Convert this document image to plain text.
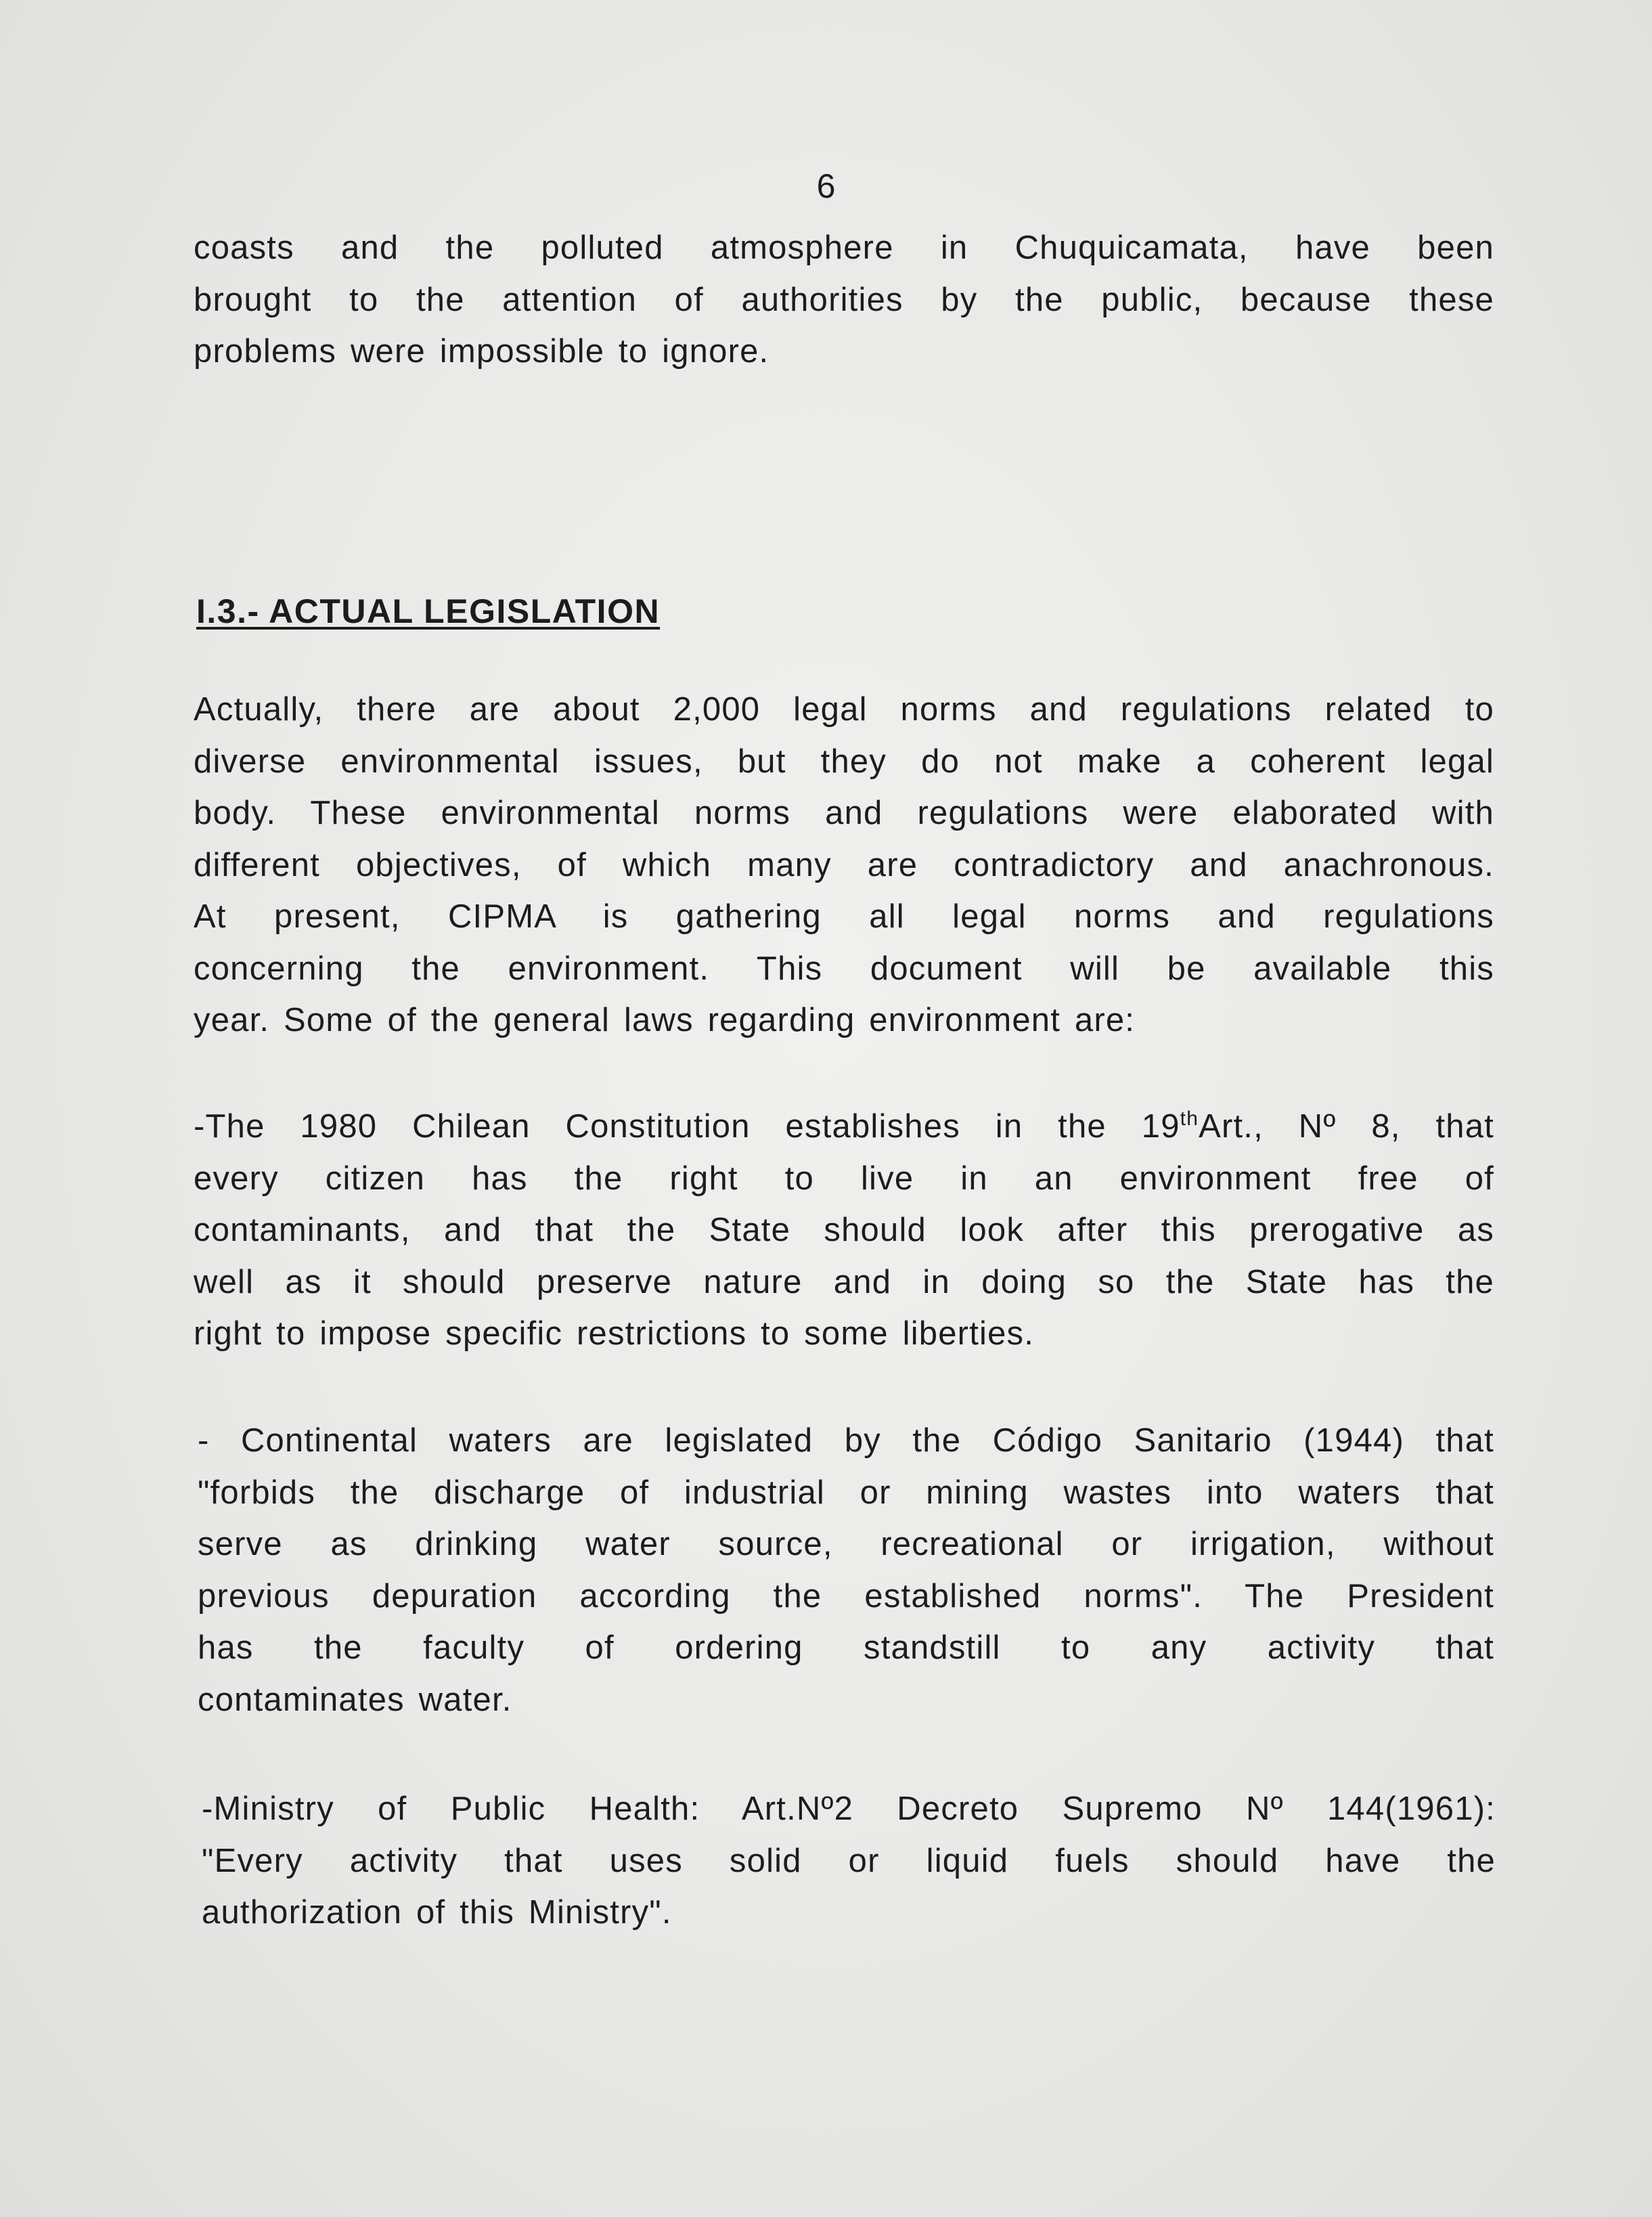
6
coasts and the polluted atmosphere in Chuquicamata, have been
brought to the attention of authorities by the public, because these
problems were impossible to ignore.
I.3.- ACTUAL LEGISLATION
Actually, there are about 2,000 legal norms and regulations related to
diverse environmental issues, but they do not make a coherent legal
body. These environmental norms and regulations were elaborated with
different objectives, of which many are contradictory and anachronous.
At present, CIPMA is gathering all legal norms and regulations
concerning the environment. This document will be available this
year. Some of the general laws regarding environment are:
-The 1980 Chilean Constitution establishes in the 19thArt., Nº 8, that
every citizen has the right to live in an environment free of
contaminants, and that the State should look after this prerogative as
well as it should preserve nature and in doing so the State has the
right to impose specific restrictions to some liberties.
- Continental waters are legislated by the Código Sanitario (1944) that
"forbids the discharge of industrial or mining wastes into waters that
serve as drinking water source, recreational or irrigation, without
previous depuration according the established norms". The President
has the faculty of ordering standstill to any activity that
contaminates water.
-Ministry of Public Health: Art.Nº2 Decreto Supremo Nº 144(1961):
"Every activity that uses solid or liquid fuels should have the
authorization of this Ministry".
